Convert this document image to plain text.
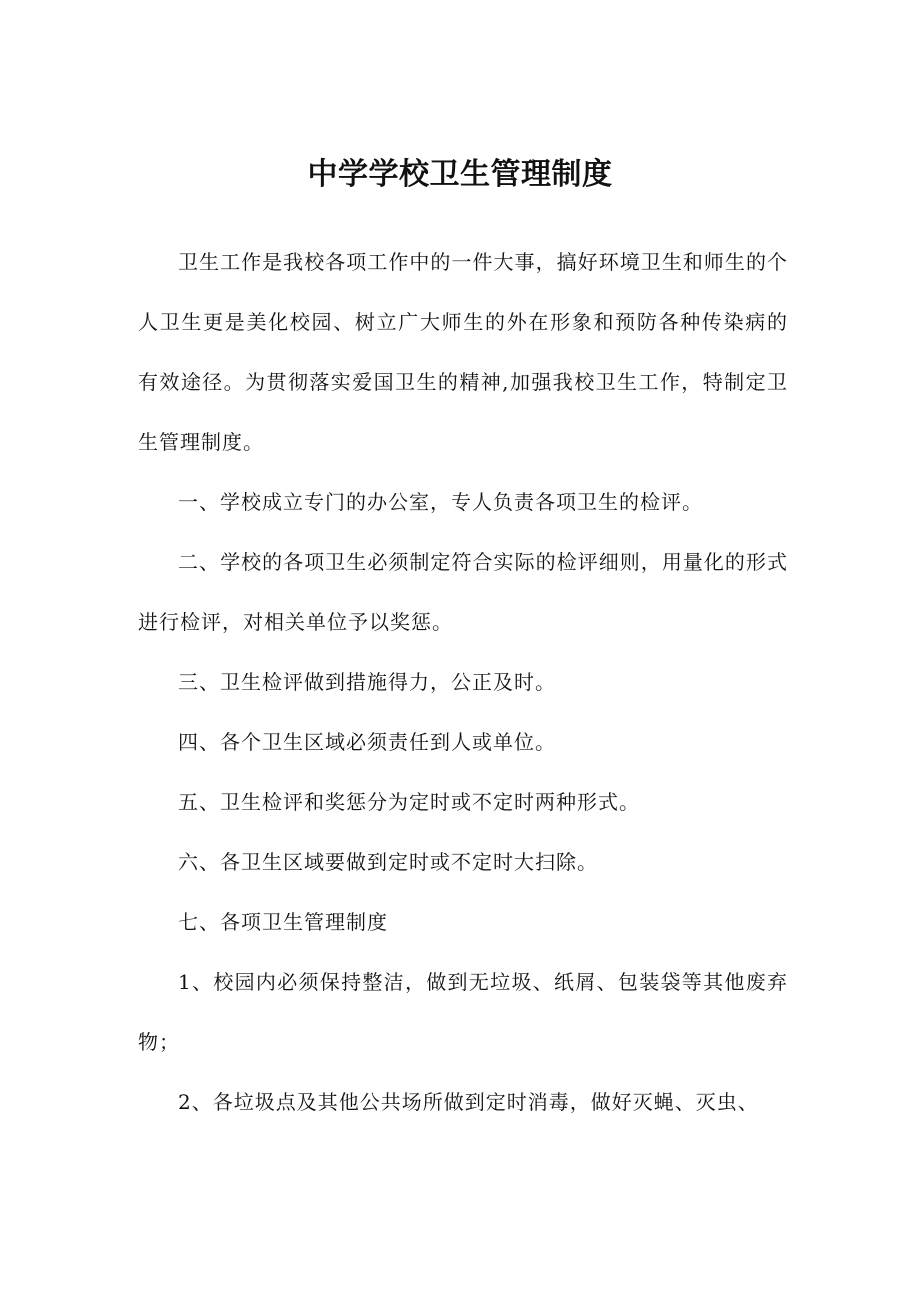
中学学校卫生管理制度

卫生工作是我校各项工作中的一件大事，搞好环境卫生和师生的个人卫生更是美化校园、树立广大师生的外在形象和预防各种传染病的有效途径。为贯彻落实爱国卫生的精神,加强我校卫生工作，特制定卫生管理制度。

一、学校成立专门的办公室，专人负责各项卫生的检评。

二、学校的各项卫生必须制定符合实际的检评细则，用量化的形式进行检评，对相关单位予以奖惩。

三、卫生检评做到措施得力，公正及时。

四、各个卫生区域必须责任到人或单位。

五、卫生检评和奖惩分为定时或不定时两种形式。

六、各卫生区域要做到定时或不定时大扫除。

七、各项卫生管理制度

1、校园内必须保持整洁，做到无垃圾、纸屑、包装袋等其他废弃物；

2、各垃圾点及其他公共场所做到定时消毒，做好灭蝇、灭虫、
